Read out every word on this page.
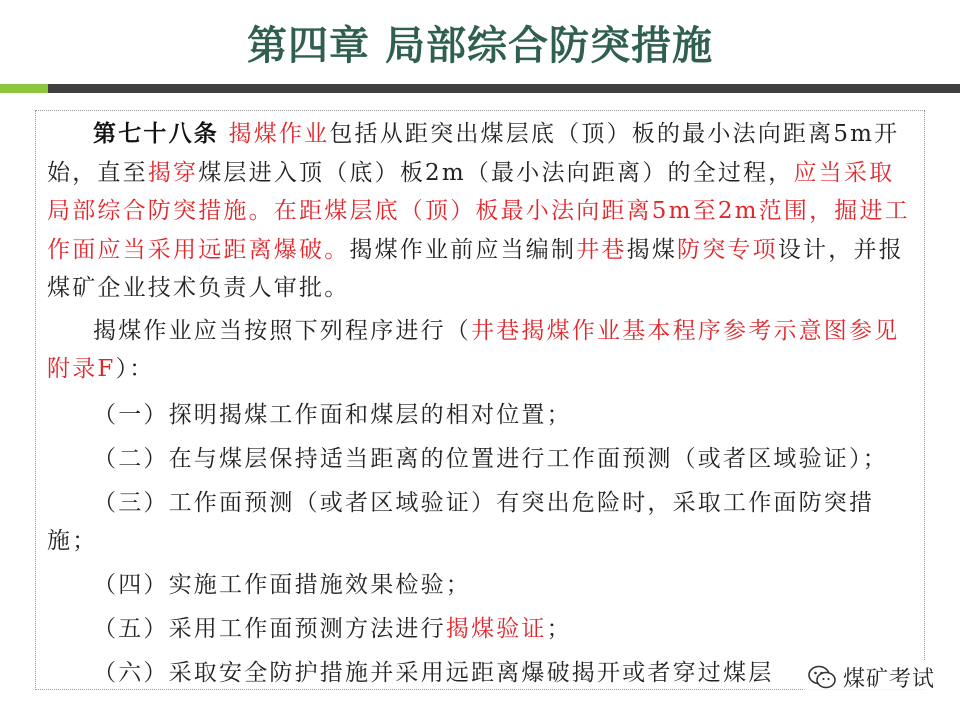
第四章 局部综合防突措施

第七十八条 揭煤作业包括从距突出煤层底（顶）板的最小法向距离5m开始，直至揭穿煤层进入顶（底）板2m（最小法向距离）的全过程，应当采取局部综合防突措施。在距煤层底（顶）板最小法向距离5m至2m范围，掘进工作面应当采用远距离爆破。揭煤作业前应当编制井巷揭煤防突专项设计，并报煤矿企业技术负责人审批。

揭煤作业应当按照下列程序进行（井巷揭煤作业基本程序参考示意图参见附录F）：

（一）探明揭煤工作面和煤层的相对位置；

（二）在与煤层保持适当距离的位置进行工作面预测（或者区域验证）；

（三）工作面预测（或者区域验证）有突出危险时，采取工作面防突措施；

（四）实施工作面措施效果检验；

（五）采用工作面预测方法进行揭煤验证；

（六）采取安全防护措施并采用远距离爆破揭开或者穿过煤层	煤矿考试
